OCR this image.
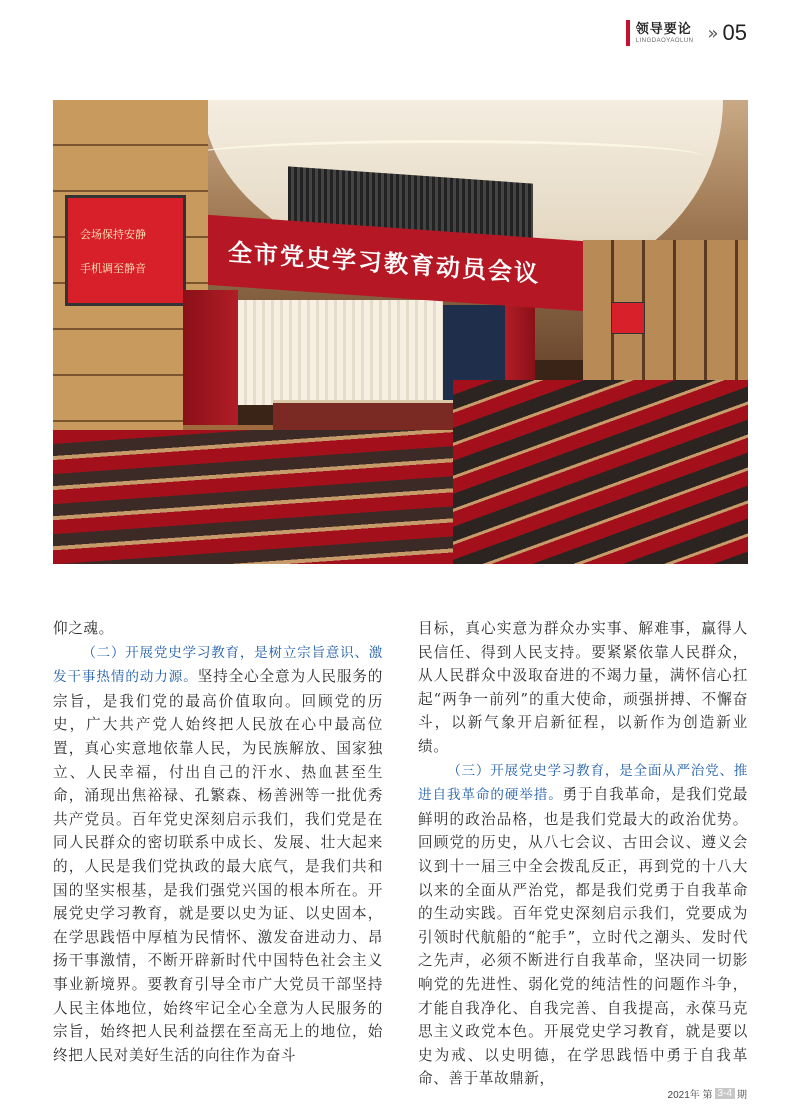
领导要论
LINGDAOYAOLUN » 05
会场保持安静
手机调至静音	全市党史学习教育动员会议

仰之魂。

（二）开展党史学习教育，是树立宗旨意识、激发干事热情的动力源。坚持全心全意为人民服务的宗旨，是我们党的最高价值取向。回顾党的历史，广大共产党人始终把人民放在心中最高位置，真心实意地依靠人民，为民族解放、国家独立、人民幸福，付出自己的汗水、热血甚至生命，涌现出焦裕禄、孔繁森、杨善洲等一批优秀共产党员。百年党史深刻启示我们，我们党是在同人民群众的密切联系中成长、发展、壮大起来的，人民是我们党执政的最大底气，是我们共和国的坚实根基，是我们强党兴国的根本所在。开展党史学习教育，就是要以史为证、以史固本，在学思践悟中厚植为民情怀、激发奋进动力、昂扬干事激情，不断开辟新时代中国特色社会主义事业新境界。要教育引导全市广大党员干部坚持人民主体地位，始终牢记全心全意为人民服务的宗旨，始终把人民利益摆在至高无上的地位，始终把人民对美好生活的向往作为奋斗

目标，真心实意为群众办实事、解难事，赢得人民信任、得到人民支持。要紧紧依靠人民群众，从人民群众中汲取奋进的不竭力量，满怀信心扛起“两争一前列”的重大使命，顽强拼搏、不懈奋斗，以新气象开启新征程，以新作为创造新业绩。

（三）开展党史学习教育，是全面从严治党、推进自我革命的硬举措。勇于自我革命，是我们党最鲜明的政治品格，也是我们党最大的政治优势。回顾党的历史，从八七会议、古田会议、遵义会议到十一届三中全会拨乱反正，再到党的十八大以来的全面从严治党，都是我们党勇于自我革命的生动实践。百年党史深刻启示我们，党要成为引领时代航船的“舵手”，立时代之潮头、发时代之先声，必须不断进行自我革命，坚决同一切影响党的先进性、弱化党的纯洁性的问题作斗争，才能自我净化、自我完善、自我提高，永葆马克思主义政党本色。开展党史学习教育，就是要以史为戒、以史明德，在学思践悟中勇于自我革命、善于革故鼎新，

2021年 第 3-4 期
